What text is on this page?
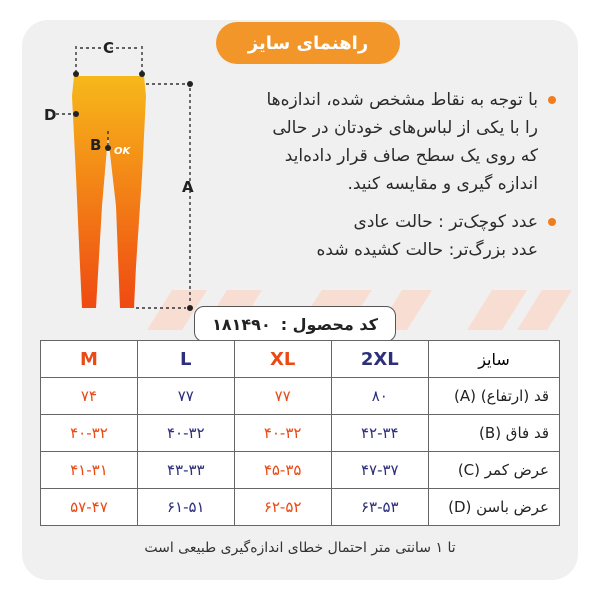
راهنمای سایز
OK
C
D
B
A

با توجه به نقاط مشخص شده، اندازه‌ها

را با یکی از لباس‌های خودتان در حالی

که روی یک سطح صاف قرار داده‌اید

اندازه گیری و مقایسه کنید.

عدد کوچک‌تر : حالت عادی

عدد بزرگ‌تر: حالت کشیده شده

کد محصول :
۱۸۱۴۹۰
سایز	2XL	XL	L	M
قد (ارتفاع) (A)	۸۰	۷۷	۷۷	۷۴
قد فاق (B)	۴۲-۳۴	۴۰-۳۲	۴۰-۳۲	۴۰-۳۲
عرض کمر (C)	۴۷-۳۷	۴۵-۳۵	۴۳-۳۳	۴۱-۳۱
عرض باسن (D)	۶۳-۵۳	۶۲-۵۲	۶۱-۵۱	۵۷-۴۷
تا ۱ سانتی متر احتمال خطای اندازه‌گیری طبیعی است
